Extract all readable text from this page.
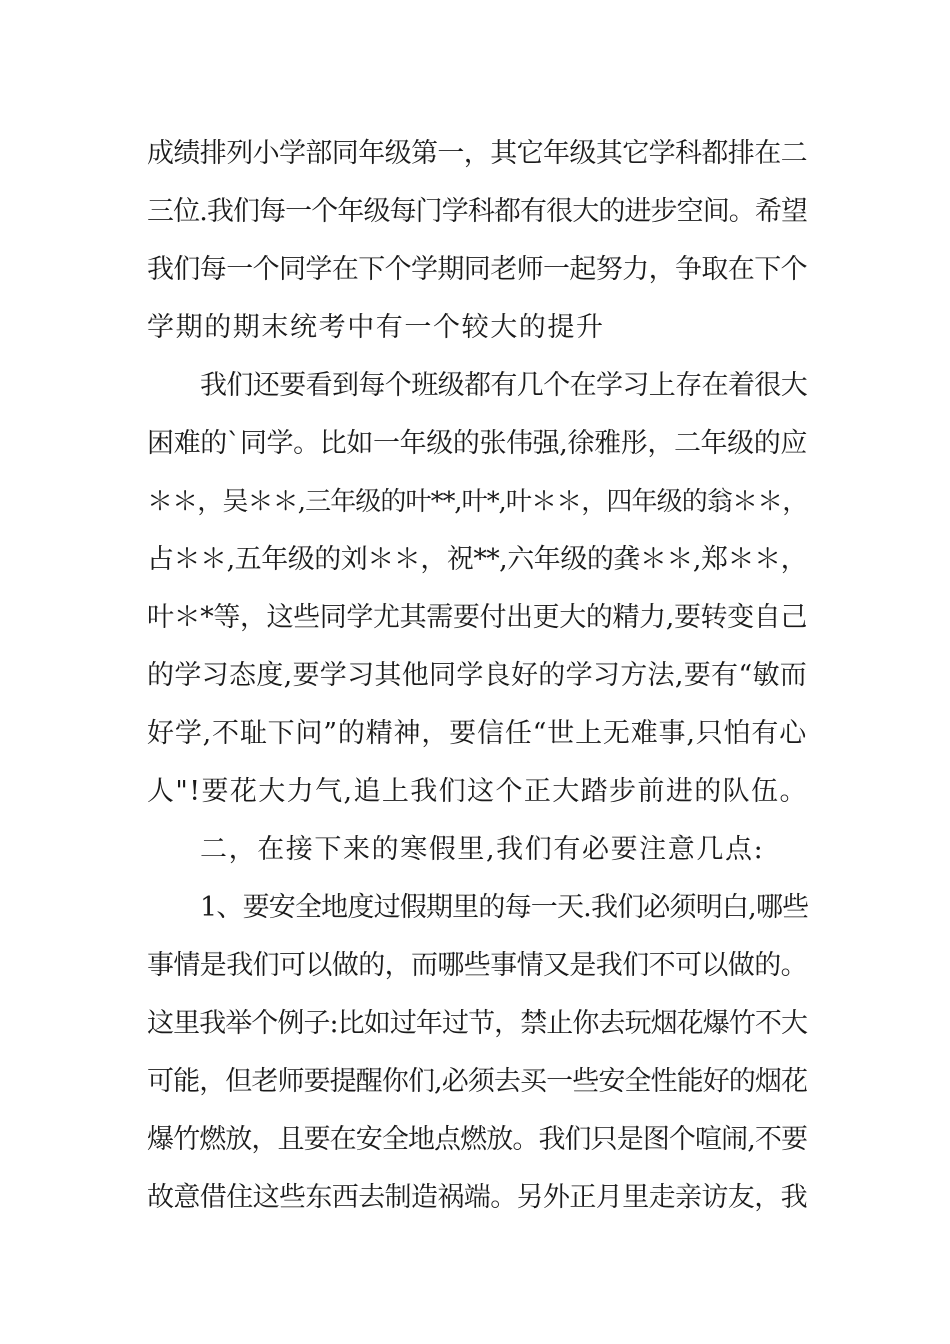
成绩排列小学部同年级第一，其它年级其它学科都排在二

三位.我们每一个年级每门学科都有很大的进步空间。希望

我们每一个同学在下个学期同老师一起努力，争取在下个

学期的期末统考中有一个较大的提升

我们还要看到每个班级都有几个在学习上存在着很大

困难的`同学。比如一年级的张伟强,徐雅彤，二年级的应

＊＊，吴＊＊,三年级的叶**,叶*,叶＊＊，四年级的翁＊＊，

占＊＊,五年级的刘＊＊，祝**,六年级的龚＊＊,郑＊＊，

叶＊*等，这些同学尤其需要付出更大的精力,要转变自己

的学习态度,要学习其他同学良好的学习方法,要有“敏而

好学,不耻下问”的精神，要信任“世上无难事,只怕有心

人"!要花大力气,追上我们这个正大踏步前进的队伍。

二，在接下来的寒假里,我们有必要注意几点:

1、要安全地度过假期里的每一天.我们必须明白,哪些

事情是我们可以做的，而哪些事情又是我们不可以做的。

这里我举个例子:比如过年过节，禁止你去玩烟花爆竹不大

可能，但老师要提醒你们,必须去买一些安全性能好的烟花

爆竹燃放，且要在安全地点燃放。我们只是图个喧闹,不要

故意借住这些东西去制造祸端。另外正月里走亲访友，我
